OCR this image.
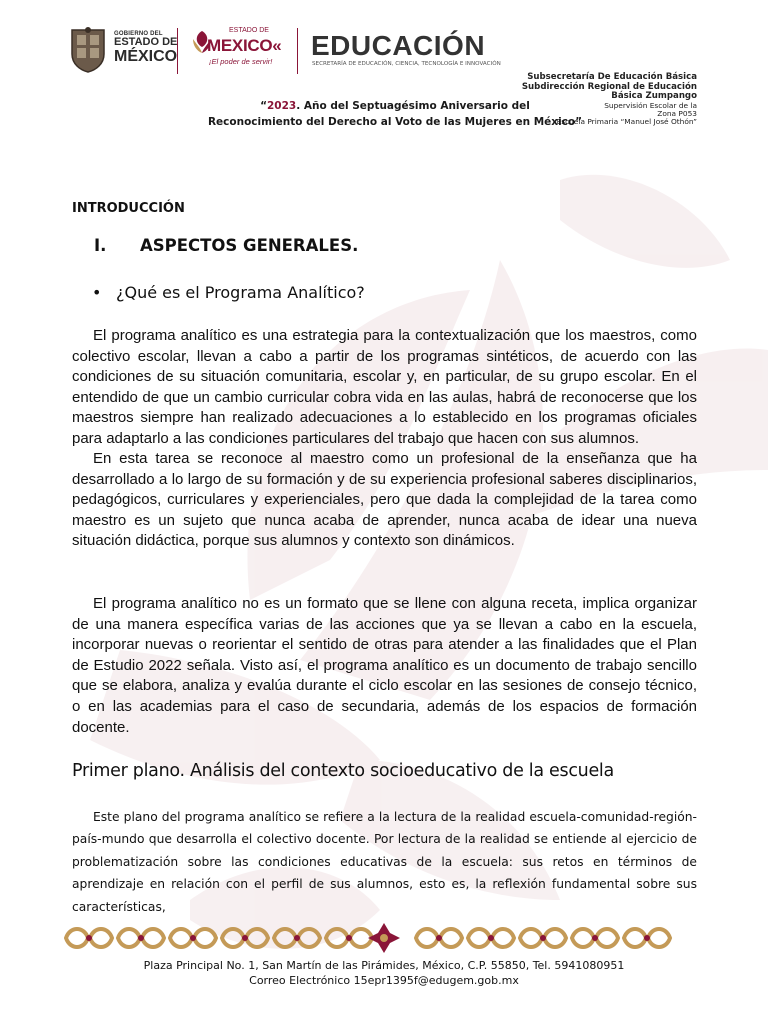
GOBIERNO DEL
ESTADO DE
MÉXICO
ESTADO DE
MEXICO«
¡El poder de servir!
EDUCACIÓN
SECRETARÍA DE EDUCACIÓN, CIENCIA, TECNOLOGÍA E INNOVACIÓN
Subsecretaría De Educación Básica
Subdirección Regional de Educación
Básica Zumpango
Supervisión Escolar de la
Zona P053
Escuela Primaria “Manuel José Othón”
“2023. Año del Septuagésimo Aniversario del
Reconocimiento del Derecho al Voto de las Mujeres en México”
INTRODUCCIÓN
I. ASPECTOS GENERALES.
• ¿Qué es el Programa Analítico?

El programa analítico es una estrategia para la contextualización que los maestros, como colectivo escolar, llevan a cabo a partir de los programas sintéticos, de acuerdo con las condiciones de su situación comunitaria, escolar y, en particular, de su grupo escolar. En el entendido de que un cambio curricular cobra vida en las aulas, habrá de reconocerse que los maestros siempre han realizado adecuaciones a lo establecido en los programas oficiales para adaptarlo a las condiciones particulares del trabajo que hacen con sus alumnos.

En esta tarea se reconoce al maestro como un profesional de la enseñanza que ha desarrollado a lo largo de su formación y de su experiencia profesional saberes disciplinarios, pedagógicos, curriculares y experienciales, pero que dada la complejidad de la tarea como maestro es un sujeto que nunca acaba de aprender, nunca acaba de idear una nueva situación didáctica, porque sus alumnos y contexto son dinámicos.

El programa analítico no es un formato que se llene con alguna receta, implica organizar de una manera específica varias de las acciones que ya se llevan a cabo en la escuela, incorporar nuevas o reorientar el sentido de otras para atender a las finalidades que el Plan de Estudio 2022 señala. Visto así, el programa analítico es un documento de trabajo sencillo que se elabora, analiza y evalúa durante el ciclo escolar en las sesiones de consejo técnico, o en las academias para el caso de secundaria, además de los espacios de formación docente.

Primer plano. Análisis del contexto socioeducativo de la escuela

Este plano del programa analítico se refiere a la lectura de la realidad escuela-comunidad-región-país-mundo que desarrolla el colectivo docente. Por lectura de la realidad se entiende al ejercicio de problematización sobre las condiciones educativas de la escuela: sus retos en términos de aprendizaje en relación con el perfil de sus alumnos, esto es, la reflexión fundamental sobre sus características,

Plaza Principal No. 1, San Martín de las Pirámides, México, C.P. 55850, Tel. 5941080951
Correo Electrónico 15epr1395f@edugem.gob.mx
